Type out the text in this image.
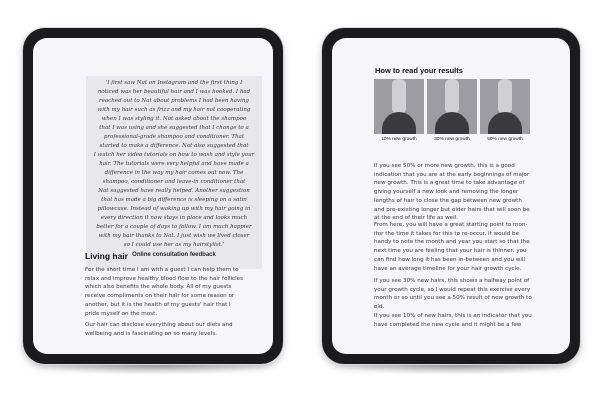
'I first saw Nat on Instagram and the first thing I
noticed was her beautiful hair and I was hooked. I had
reached out to Nat about problems I had been having
with my hair such as frizz and my hair not cooperating
when I was styling it. Nat asked about the shampoo
that I was using and she suggested that I change to a
professional-grade shampoo and conditioner. That
started to make a difference. Nat also suggested that
I watch her video tutorials on how to wash and style your
hair. The tutorials were very helpful and have made a
difference in the way my hair comes out now. The
shampoo, conditioner and leave-in conditioner that
Nat suggested have really helped. Another suggestion
that has made a big difference is sleeping on a satin
pillowcase. Instead of waking up with my hair going in
every direction it now stays in place and looks much
better for a couple of days to follow. I am much happier
with my hair thanks to Nat. I just wish we lived closer
so I could use her as my hairstylist.'

Online consultation feedback
Living hair

For the short time I am with a guest I can help them to
relax and improve healthy blood flow to the hair follicles
which also benefits the whole body. All of my guests
receive compliments on their hair for some reason or
another, but it is the health of my guests' hair that I
pride myself on the most.

Our hair can disclose everything about our diets and
wellbeing and is fascinating on so many levels.

How to read your results
10% new growth	30% new growth	50% new growth

If you see 50% or more new growth, this is a good
indication that you are at the early beginnings of major
new growth. This is a great time to take advantage of
giving yourself a new look and removing the longer
lengths of hair to close the gap between new growth
and pre-existing longer but older hairs that will soon be
at the end of their life as well.

From here, you will have a great starting point to mon-
itor the time it takes for this to re-occur. It would be
handy to note the month and year you start so that the
next time you are feeling that your hair is thinner, you
can find how long it has been in-between and you will
have an average timeline for your hair growth cycle.

If you see 30% new hairs, this shows a halfway point of
your growth cycle, so I would repeat this exercise every
month or so until you see a 50% result of new growth to
old.

If you see 10% of new hairs, this is an indicator that you
have completed the new cycle and it might be a few
